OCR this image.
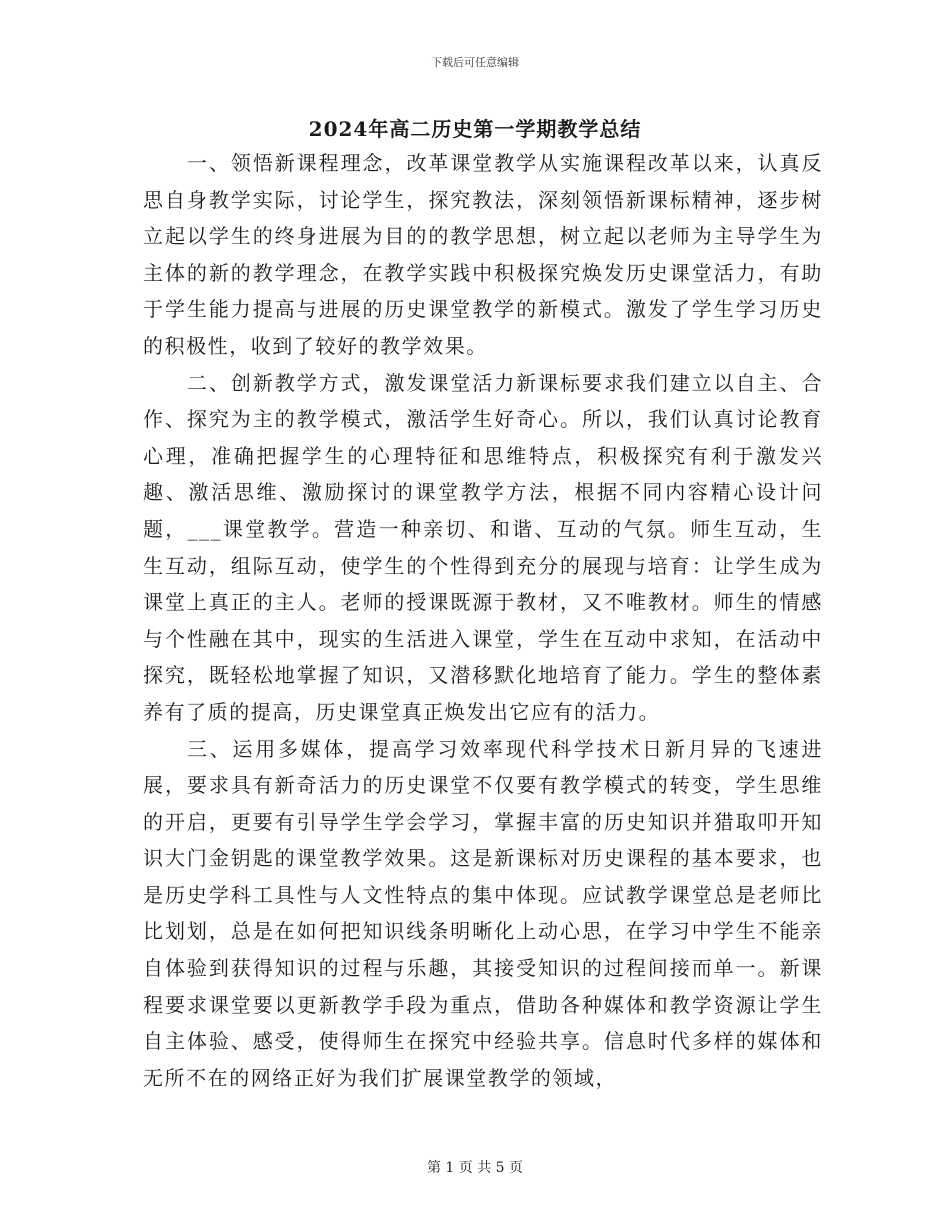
下载后可任意编辑
2024年高二历史第一学期教学总结

一、领悟新课程理念，改革课堂教学从实施课程改革以来，认真反思自身教学实际，讨论学生，探究教法，深刻领悟新课标精神，逐步树立起以学生的终身进展为目的的教学思想，树立起以老师为主导学生为主体的新的教学理念，在教学实践中积极探究焕发历史课堂活力，有助于学生能力提高与进展的历史课堂教学的新模式。激发了学生学习历史的积极性，收到了较好的教学效果。

二、创新教学方式，激发课堂活力新课标要求我们建立以自主、合作、探究为主的教学模式，激活学生好奇心。所以，我们认真讨论教育心理，准确把握学生的心理特征和思维特点，积极探究有利于激发兴趣、激活思维、激励探讨的课堂教学方法，根据不同内容精心设计问题，___课堂教学。营造一种亲切、和谐、互动的气氛。师生互动，生生互动，组际互动，使学生的个性得到充分的展现与培育：让学生成为课堂上真正的主人。老师的授课既源于教材，又不唯教材。师生的情感与个性融在其中，现实的生活进入课堂，学生在互动中求知，在活动中探究，既轻松地掌握了知识，又潜移默化地培育了能力。学生的整体素养有了质的提高，历史课堂真正焕发出它应有的活力。

三、运用多媒体，提高学习效率现代科学技术日新月异的飞速进展，要求具有新奇活力的历史课堂不仅要有教学模式的转变，学生思维的开启，更要有引导学生学会学习，掌握丰富的历史知识并猎取叩开知识大门金钥匙的课堂教学效果。这是新课标对历史课程的基本要求，也是历史学科工具性与人文性特点的集中体现。应试教学课堂总是老师比比划划，总是在如何把知识线条明晰化上动心思，在学习中学生不能亲自体验到获得知识的过程与乐趣，其接受知识的过程间接而单一。新课程要求课堂要以更新教学手段为重点，借助各种媒体和教学资源让学生自主体验、感受，使得师生在探究中经验共享。信息时代多样的媒体和无所不在的网络正好为我们扩展课堂教学的领域，

第 1 页 共 5 页
